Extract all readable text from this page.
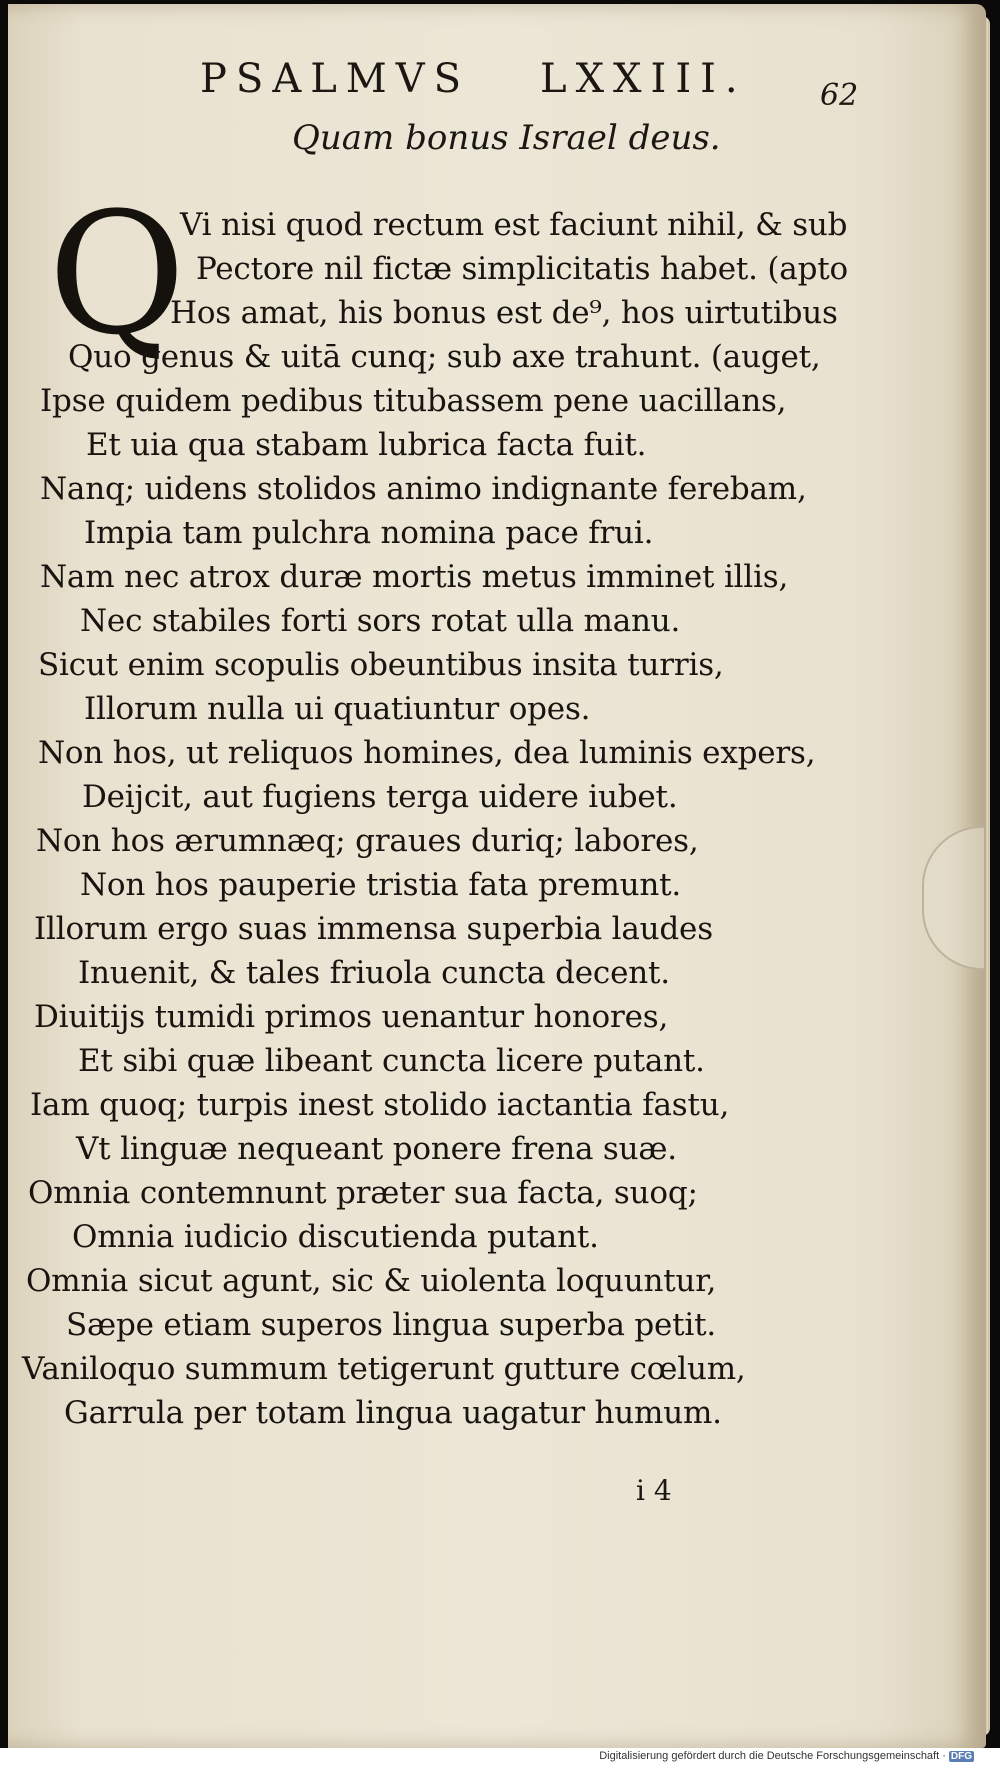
PSALMVS LXXIII.	62
Quam bonus Israel deus.
Q
Vi nisi quod rectum est faciunt nihil, & sub
Pectore nil fictæ simplicitatis habet. (apto
Hos amat, his bonus est de⁹, hos uirtutibus
Quo genus & uitā cunq; sub axe trahunt. (auget,
Ipse quidem pedibus titubassem pene uacillans,
Et uia qua stabam lubrica facta fuit.
Nanq; uidens stolidos animo indignante ferebam,
Impia tam pulchra nomina pace frui.
Nam nec atrox duræ mortis metus imminet illis,
Nec stabiles forti sors rotat ulla manu.
Sicut enim scopulis obeuntibus insita turris,
Illorum nulla ui quatiuntur opes.
Non hos, ut reliquos homines, dea luminis expers,
Deijcit, aut fugiens terga uidere iubet.
Non hos ærumnæq; graues duriq; labores,
Non hos pauperie tristia fata premunt.
Illorum ergo suas immensa superbia laudes
Inuenit, & tales friuola cuncta decent.
Diuitijs tumidi primos uenantur honores,
Et sibi quæ libeant cuncta licere putant.
Iam quoq; turpis inest stolido iactantia fastu,
Vt linguæ nequeant ponere frena suæ.
Omnia contemnunt præter sua facta, suoq;
Omnia iudicio discutienda putant.
Omnia sicut agunt, sic & uiolenta loquuntur,
Sæpe etiam superos lingua superba petit.
Vaniloquo summum tetigerunt gutture cœlum,
Garrula per totam lingua uagatur humum.
i 4
Digitalisierung gefördert durch die Deutsche Forschungsgemeinschaft · DFG
